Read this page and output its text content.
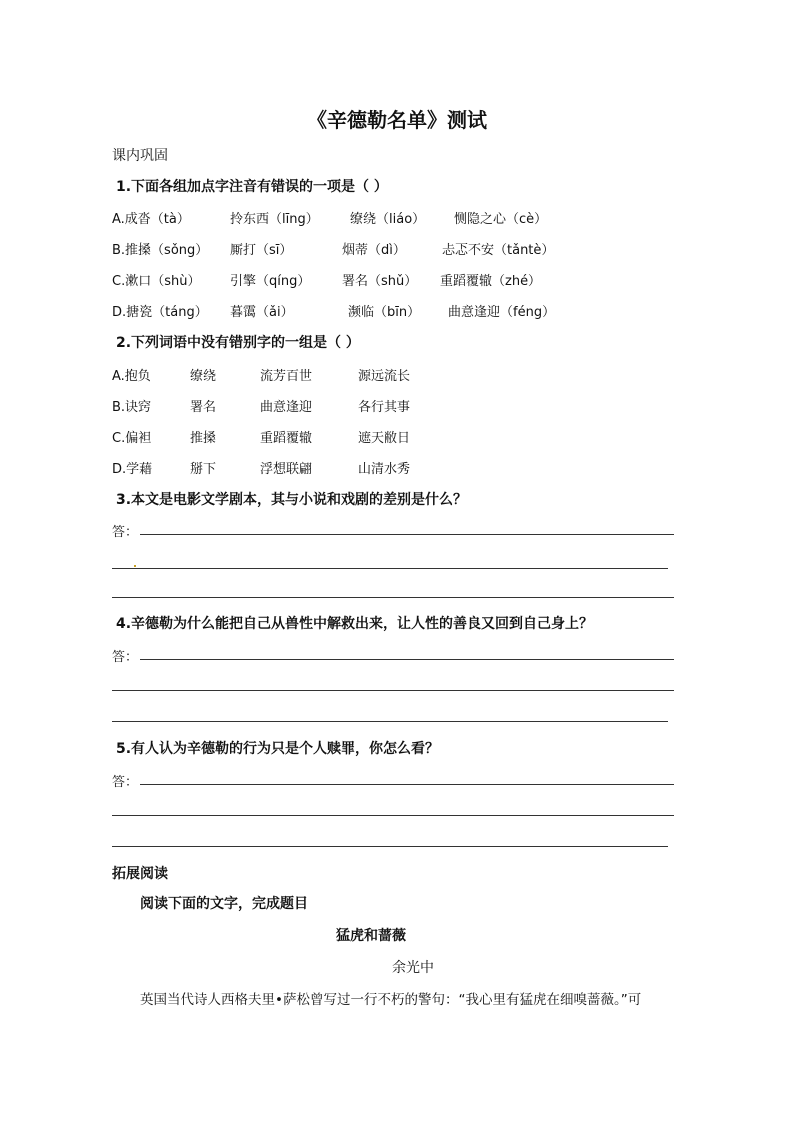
《辛德勒名单》测试
课内巩固
1.下面各组加点字注音有错误的一项是（ ）
A.成沓（tà）	拎东西（līng） 缭绕（liáo） 恻隐之心（cè）
B.推搡（sǒng） 厮打（sī）	烟蒂（dì）	忐忑不安（tǎntè）
C.漱口（shù） 引擎（qíng） 署名（shǔ） 重蹈覆辙（zhé）
D.搪瓷（táng） 暮霭（ǎi）	濒临（bīn） 曲意逢迎（féng）
2.下列词语中没有错别字的一组是（ ）
A.抱负	缭绕	流芳百世	源远流长
B.诀窍	署名	曲意逢迎	各行其事
C.偏袒	推搡	重蹈覆辙	遮天敝日
D.学藉	掰下	浮想联翩	山清水秀
3.本文是电影文学剧本，其与小说和戏剧的差别是什么？
答：
4.辛德勒为什么能把自己从兽性中解救出来，让人性的善良又回到自己身上？
答：
5.有人认为辛德勒的行为只是个人赎罪，你怎么看？
答：
拓展阅读
阅读下面的文字，完成题目
猛虎和蔷薇
余光中
英国当代诗人西格夫里•萨松曾写过一行不朽的警句：“我心里有猛虎在细嗅蔷薇。”可
